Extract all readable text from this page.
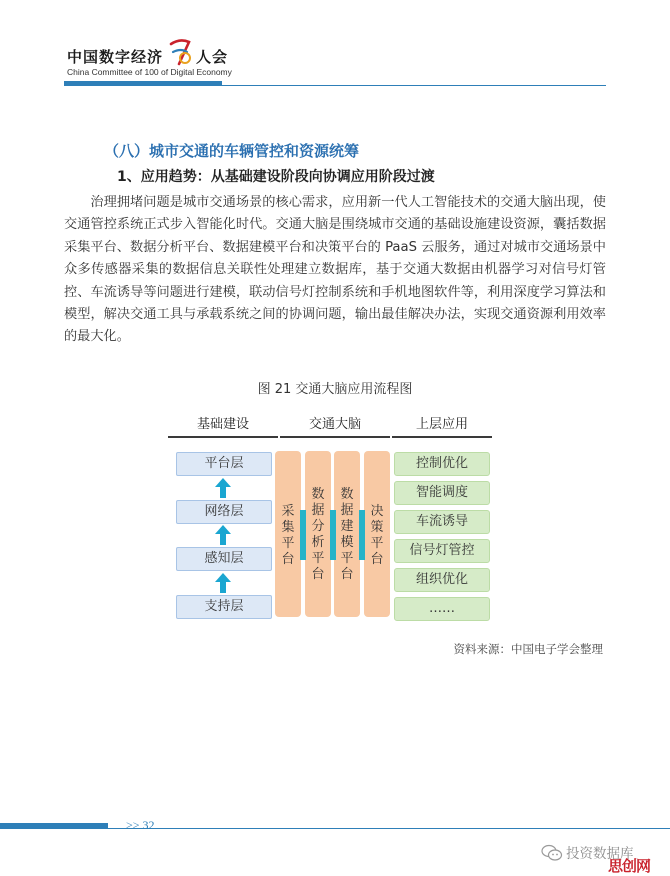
中国数字经济 人会
China Committee of 100 of Digital Economy
（八）城市交通的车辆管控和资源统筹
1、应用趋势：从基础建设阶段向协调应用阶段过渡

治理拥堵问题是城市交通场景的核心需求，应用新一代人工智能技术的交通大脑出现，使交通管控系统正式步入智能化时代。交通大脑是围绕城市交通的基础设施建设资源，囊括数据采集平台、数据分析平台、数据建模平台和决策平台的 PaaS 云服务，通过对城市交通场景中众多传感器采集的数据信息关联性处理建立数据库，基于交通大数据由机器学习对信号灯管控、车流诱导等问题进行建模，联动信号灯控制系统和手机地图软件等，利用深度学习算法和模型，解决交通工具与承载系统之间的协调问题，输出最佳解决办法，实现交通资源利用效率的最大化。

图 21 交通大脑应用流程图
基础建设	交通大脑	上层应用
平台层
网络层
感知层
支持层
采
集
平
台
数
据
分
析
平
台
数
据
建
模
平
台
决
策
平
台
控制优化
智能调度
车流诱导
信号灯管控
组织优化
……
资料来源：中国电子学会整理
>> 32
投资数据库
思创网
